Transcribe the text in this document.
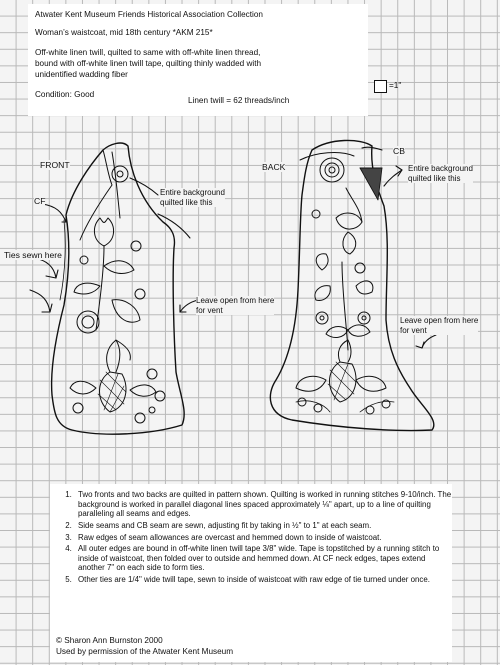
Atwater Kent Museum Friends Historical Association Collection
Woman’s waistcoat, mid 18th century *AKM 215*
Off-white linen twill, quilted to same with off-white linen thread,
bound with off-white linen twill tape, quilting thinly wadded with
unidentified wadding fiber
Condition: Good
Linen twill = 62 threads/inch
=1"
FRONT	BACK
CF
CB
Ties sewn here
Entire background
quilted like this
Entire background
quilted like this
Leave open from here
for vent
Leave open from here
for vent
1. Two fronts and two backs are quilted in pattern shown. Quilting is worked in running stitches 9-10/inch. The background is worked in parallel diagonal lines spaced approximately ⅛" apart, up to a line of quilting paralleling all seams and edges.
2. Side seams and CB seam are sewn, adjusting fit by taking in ½" to 1" at each seam.
3. Raw edges of seam allowances are overcast and hemmed down to inside of waistcoat.
4. All outer edges are bound in off-white linen twill tape 3/8" wide. Tape is topstitched by a running stitch to inside of waistcoat, then folded over to outside and hemmed down. At CF neck edges, tapes extend another 7" on each side to form ties.
5. Other ties are 1/4" wide twill tape, sewn to inside of waistcoat with raw edge of tie turned under once.
© Sharon Ann Burnston 2000
Used by permission of the Atwater Kent Museum
